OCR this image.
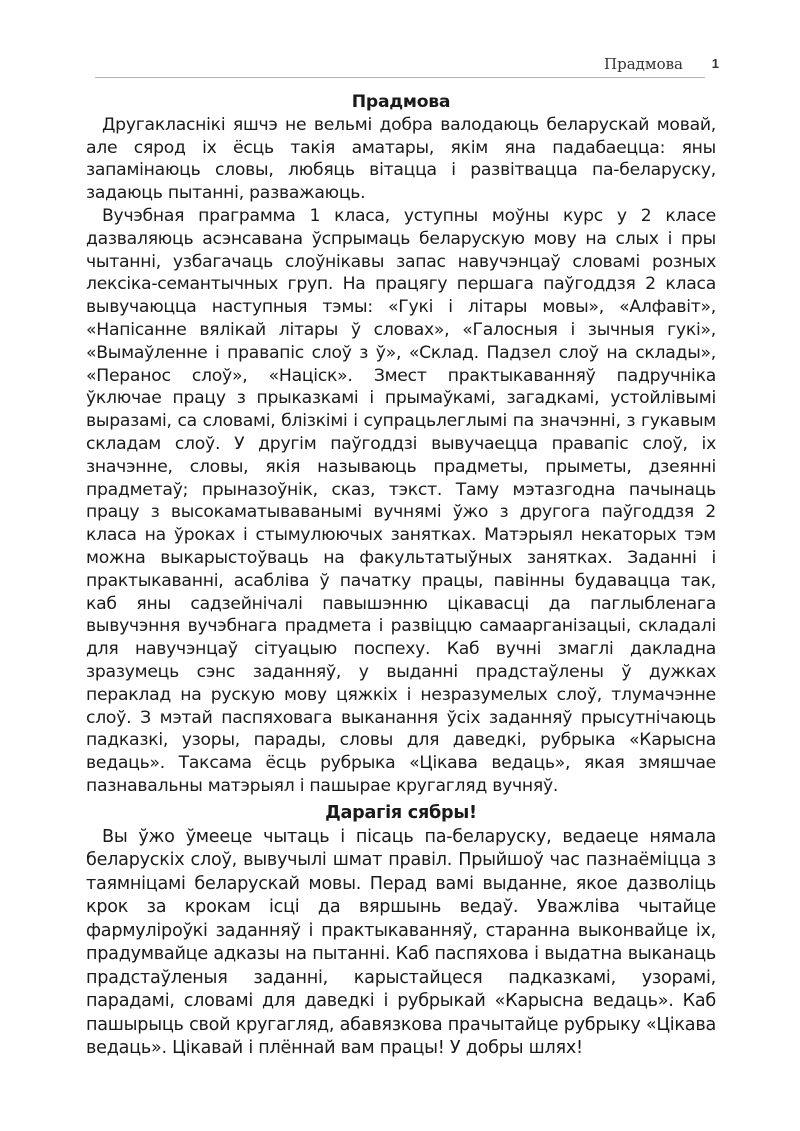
Прадмова 1
Прадмова

Другакласнікі яшчэ не вельмі добра валодаюць беларускай мовай, але сярод іх ёсць такія аматары, якім яна падабаецца: яны запамінаюць словы, любяць вітацца і развітвацца па-беларуску, задаюць пытанні, разважаюць.

Вучэбная праграмма 1 класа, уступны моўны курс у 2 класе дазваляюць асэнсавана ўспрымаць беларускую мову на слых і пры чытанні, узбагачаць слоўнікавы запас навучэнцаў словамі розных лексіка-семантычных груп. На працягу першага паўгоддзя 2 класа вывучаюцца наступныя тэмы: «Гукі і літары мовы», «Алфавіт», «Напісанне вялікай літары ў словах», «Галосныя і зычныя гукі», «Вымаўленне і правапіс слоў з ў», «Склад. Падзел слоў на склады», «Перанос слоў», «Націск». Змест практыкаванняў падручніка ўключае працу з прыказкамі і прымаўкамі, загадкамі, устойлівымі выразамі, са словамі, блізкімі і супрацьлеглымі па значэнні, з гукавым складам слоў. У другім паўгоддзі вывучаецца правапіс слоў, іх значэнне, словы, якія называюць прадметы, прыметы, дзеянні прадметаў; прыназоўнік, сказ, тэкст. Таму мэтазгодна пачынаць працу з высокаматываванымі вучнямі ўжо з другога паўгоддзя 2 класа на ўроках і стымулюючых занятках. Матэрыял некаторых тэм можна выкарыстоўваць на факультатыўных занятках. Заданні і практыкаванні, асабліва ў пачатку працы, павінны будавацца так, каб яны садзейнічалі павышэнню цікавасці да паглыбленага вывучэння вучэбнага прадмета і развіццю самаарганізацыі, складалі для навучэнцаў сітуацыю поспеху. Каб вучні змаглі дакладна зразумець сэнс заданняў, у выданні прадстаўлены ў дужках пераклад на рускую мову цяжкіх і незразумелых слоў, тлумачэнне слоў. З мэтай паспяховага выканання ўсіх заданняў прысутнічаюць падказкі, узоры, парады, словы для даведкі, рубрыка «Карысна ведаць». Таксама ёсць рубрыка «Цікава ведаць», якая змяшчае пазнавальны матэрыял і пашырае кругагляд вучняў.

Дарагія сябры!

Вы ўжо ўмееце чытаць і пісаць па-беларуску, ведаеце нямала беларускіх слоў, вывучылі шмат правіл. Прыйшоў час пазнаёміцца з таямніцамі беларускай мовы. Перад вамі выданне, якое дазволіць крок за крокам ісці да вяршынь ведаў. Уважліва чытайце фармуліроўкі заданняў і практыкаванняў, старанна выконвайце іх, прадумвайце адказы на пытанні. Каб паспяхова і выдатна выканаць прадстаўленыя заданні, карыстайцеся падказкамі, узорамі, парадамі, словамі для даведкі і рубрыкай «Карысна ведаць». Каб пашырыць свой кругагляд, абавязкова прачытайце рубрыку «Цікава ведаць». Цікавай і плённай вам працы! У добры шлях!
